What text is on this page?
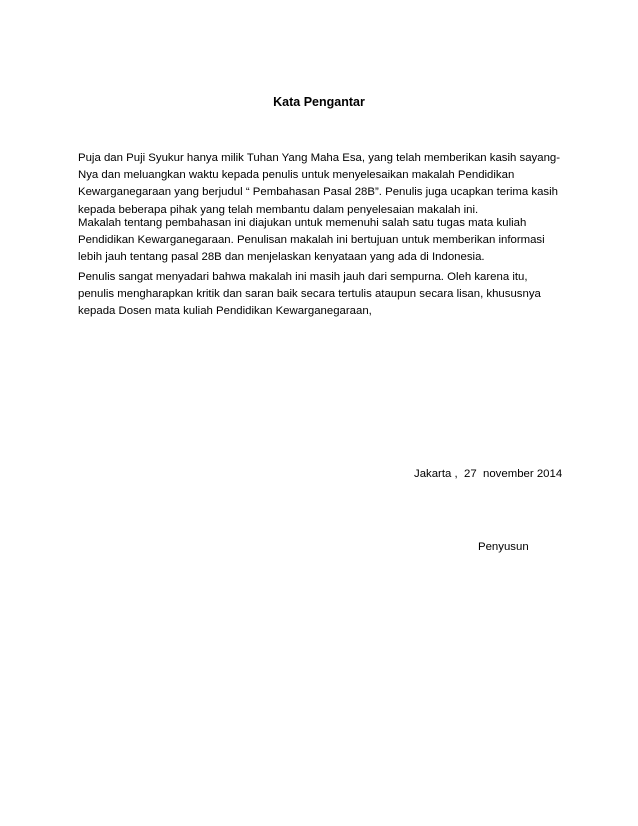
Kata Pengantar

Puja dan Puji Syukur hanya milik Tuhan Yang Maha Esa, yang telah memberikan kasih sayang-
Nya dan meluangkan waktu kepada penulis untuk menyelesaikan makalah Pendidikan
Kewarganegaraan yang berjudul “ Pembahasan Pasal 28B”. Penulis juga ucapkan terima kasih
kepada beberapa pihak yang telah membantu dalam penyelesaian makalah ini.

Makalah tentang pembahasan ini diajukan untuk memenuhi salah satu tugas mata kuliah
Pendidikan Kewarganegaraan. Penulisan makalah ini bertujuan untuk memberikan informasi
lebih jauh tentang pasal 28B dan menjelaskan kenyataan yang ada di Indonesia.

Penulis sangat menyadari bahwa makalah ini masih jauh dari sempurna. Oleh karena itu,
penulis mengharapkan kritik dan saran baik secara tertulis ataupun secara lisan, khususnya
kepada Dosen mata kuliah Pendidikan Kewarganegaraan,

Jakarta ,  27  november 2014

Penyusun
